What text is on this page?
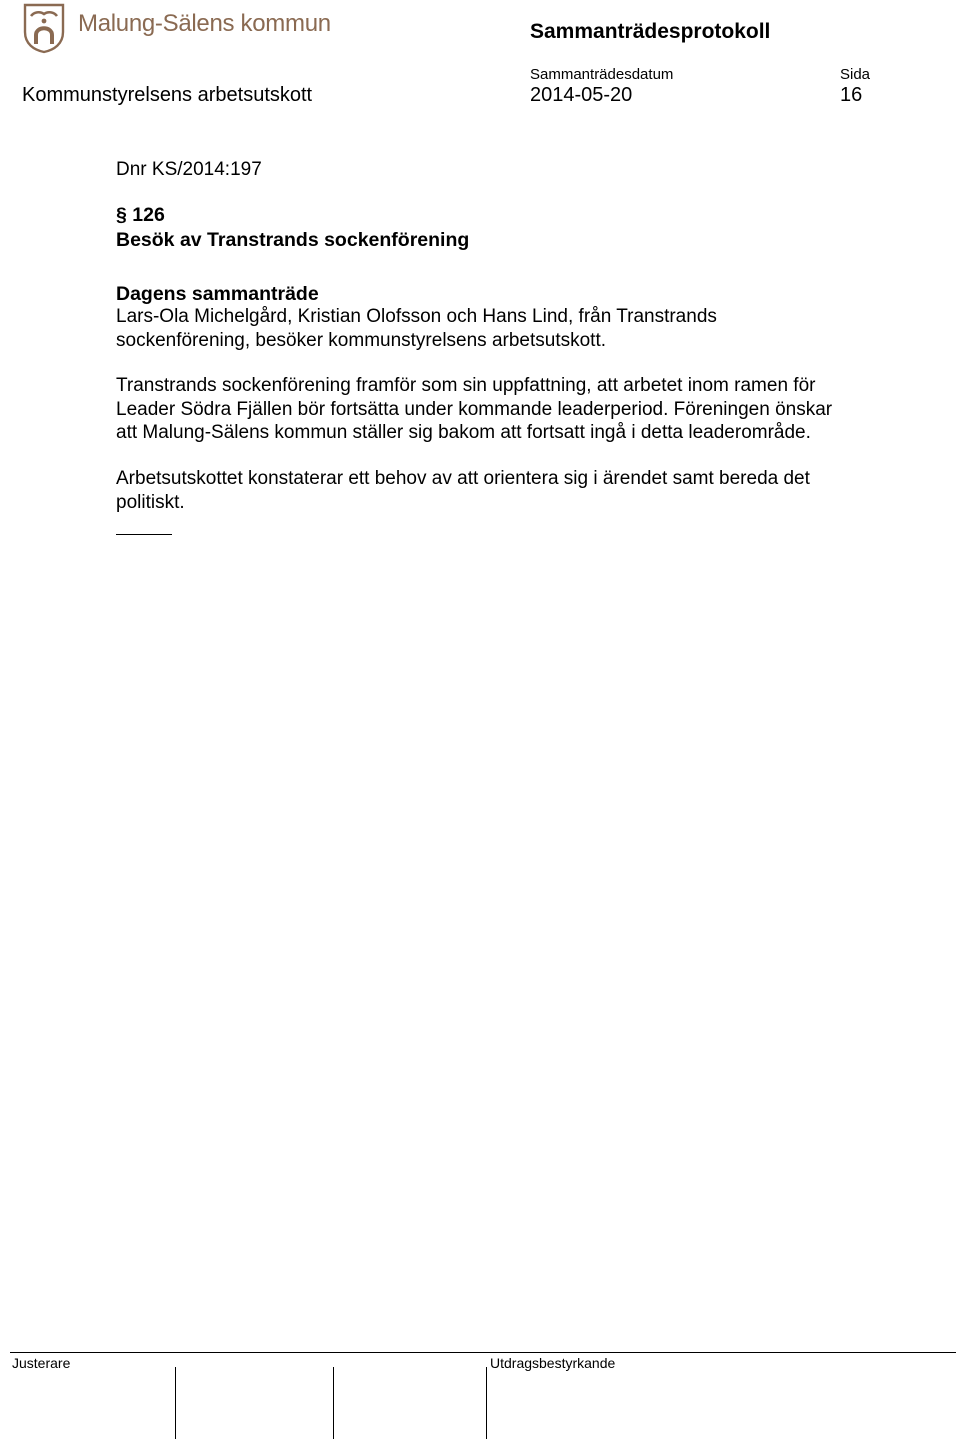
Malung-Sälens kommun	Sammanträdesprotokoll
Sammanträdesdatum	Sida
Kommunstyrelsens arbetsutskott	2014-05-20	16
Dnr KS/2014:197
§ 126
Besök av Transtrands sockenförening
Dagens sammanträde
Lars-Ola Michelgård, Kristian Olofsson och Hans Lind, från Transtrands
sockenförening, besöker kommunstyrelsens arbetsutskott.
Transtrands sockenförening framför som sin uppfattning, att arbetet inom ramen för
Leader Södra Fjällen bör fortsätta under kommande leaderperiod. Föreningen önskar
att Malung-Sälens kommun ställer sig bakom att fortsatt ingå i detta leaderområde.
Arbetsutskottet konstaterar ett behov av att orientera sig i ärendet samt bereda det
politiskt.
Justerare	Utdragsbestyrkande
